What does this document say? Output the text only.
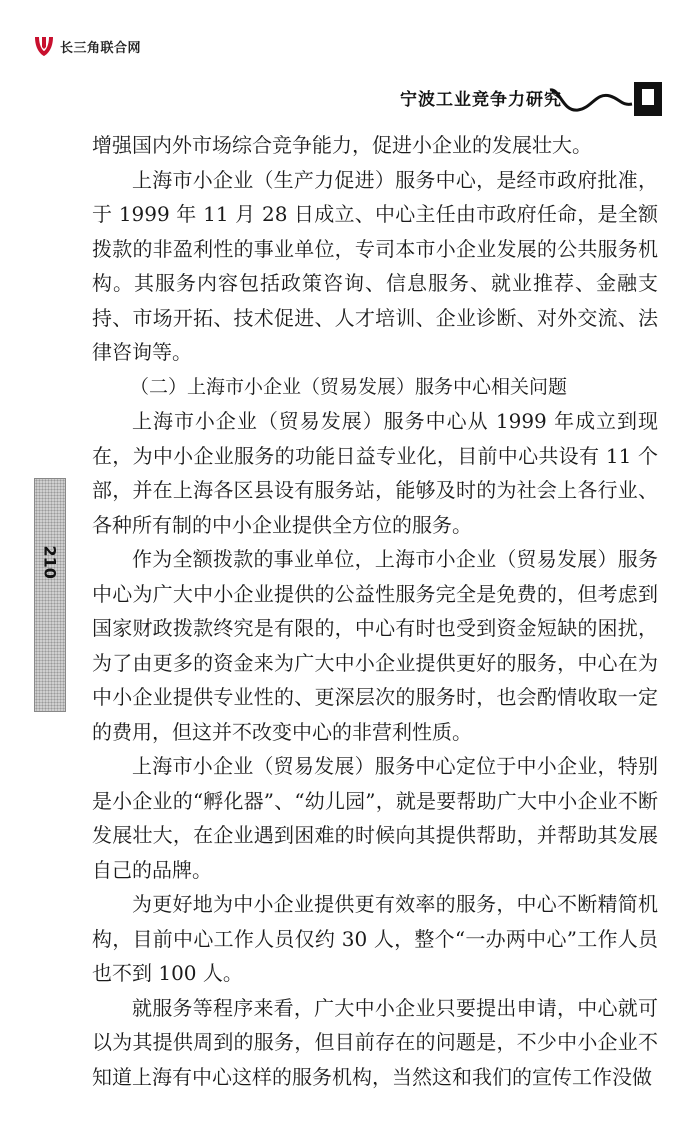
长三角联合网
宁波工业竞争力研究
210

增强国内外市场综合竞争能力，促进小企业的发展壮大。

上海市小企业（生产力促进）服务中心，是经市政府批准，于 1999 年 11 月 28 日成立、中心主任由市政府任命，是全额拨款的非盈利性的事业单位，专司本市小企业发展的公共服务机构。其服务内容包括政策咨询、信息服务、就业推荐、金融支持、市场开拓、技术促进、人才培训、企业诊断、对外交流、法律咨询等。

（二）上海市小企业（贸易发展）服务中心相关问题

上海市小企业（贸易发展）服务中心从 1999 年成立到现在，为中小企业服务的功能日益专业化，目前中心共设有 11 个部，并在上海各区县设有服务站，能够及时的为社会上各行业、各种所有制的中小企业提供全方位的服务。

作为全额拨款的事业单位，上海市小企业（贸易发展）服务中心为广大中小企业提供的公益性服务完全是免费的，但考虑到国家财政拨款终究是有限的，中心有时也受到资金短缺的困扰，为了由更多的资金来为广大中小企业提供更好的服务，中心在为中小企业提供专业性的、更深层次的服务时，也会酌情收取一定的费用，但这并不改变中心的非营利性质。

上海市小企业（贸易发展）服务中心定位于中小企业，特别是小企业的“孵化器”、“幼儿园”，就是要帮助广大中小企业不断发展壮大，在企业遇到困难的时候向其提供帮助，并帮助其发展自己的品牌。

为更好地为中小企业提供更有效率的服务，中心不断精简机构，目前中心工作人员仅约 30 人，整个“一办两中心”工作人员也不到 100 人。

就服务等程序来看，广大中小企业只要提出申请，中心就可以为其提供周到的服务，但目前存在的问题是，不少中小企业不知道上海有中心这样的服务机构，当然这和我们的宣传工作没做
